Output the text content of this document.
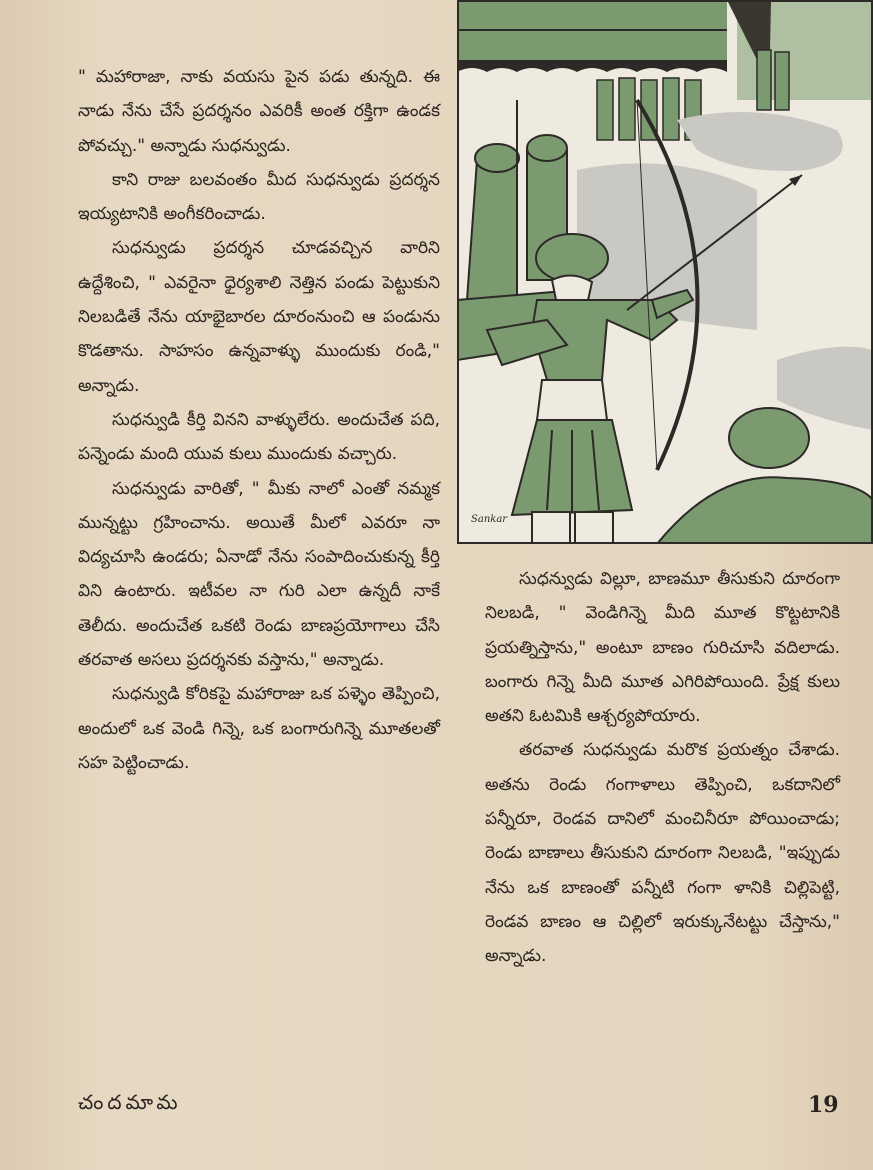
" మహారాజా, నాకు వయసు పైన పడు తున్నది. ఈ నాడు నేను చేసే ప్రదర్శనం ఎవరికీ అంత రక్తిగా ఉండక పోవచ్చు." అన్నాడు సుధన్వుడు.

కాని రాజు బలవంతం మీద సుధన్వుడు ప్రదర్శన ఇయ్యటానికి అంగీకరించాడు.

సుధన్వుడు ప్రదర్శన చూడవచ్చిన వారిని ఉద్దేశించి, " ఎవరైనా ధైర్యశాలి నెత్తిన పండు పెట్టుకుని నిలబడితే నేను యాభైబారల దూరంనుంచి ఆ పండును కొడతాను. సాహసం ఉన్నవాళ్ళు ముందుకు రండి," అన్నాడు.

సుధన్వుడి కీర్తి వినని వాళ్ళులేరు. అందుచేత పది, పన్నెండు మంది యువ కులు ముందుకు వచ్చారు.

సుధన్వుడు వారితో, " మీకు నాలో ఎంతో నమ్మక మున్నట్టు గ్రహించాను. అయితే మీలో ఎవరూ నా విద్యచూసి ఉండరు; ఏనాడో నేను సంపాదించుకున్న కీర్తి విని ఉంటారు. ఇటీవల నా గురి ఎలా ఉన్నదీ నాకే తెలీదు. అందుచేత ఒకటి రెండు బాణప్రయోగాలు చేసి తరవాత అసలు ప్రదర్శనకు వస్తాను," అన్నాడు.

సుధన్వుడి కోరికపై మహారాజు ఒక పళ్ళెం తెప్పించి, అందులో ఒక వెండి గిన్నె, ఒక బంగారుగిన్నె మూతలతో సహ పెట్టించాడు.

Sankar

సుధన్వుడు విల్లూ, బాణమూ తీసుకుని దూరంగా నిలబడి, " వెండిగిన్నె మీది మూత కొట్టటానికి ప్రయత్నిస్తాను," అంటూ బాణం గురిచూసి వదిలాడు. బంగారు గిన్నె మీది మూత ఎగిరిపోయింది. ప్రేక్ష కులు అతని ఓటమికి ఆశ్చర్యపోయారు.

తరవాత సుధన్వుడు మరొక ప్రయత్నం చేశాడు. అతను రెండు గంగాళాలు తెప్పించి, ఒకదానిలో పన్నీరూ, రెండవ దానిలో మంచినీరూ పోయించాడు; రెండు బాణాలు తీసుకుని దూరంగా నిలబడి, "ఇప్పుడు నేను ఒక బాణంతో పన్నీటి గంగా ళానికి చిల్లిపెట్టి, రెండవ బాణం ఆ చిల్లిలో ఇరుక్కునేటట్టు చేస్తాను," అన్నాడు.

చందమామ	19
